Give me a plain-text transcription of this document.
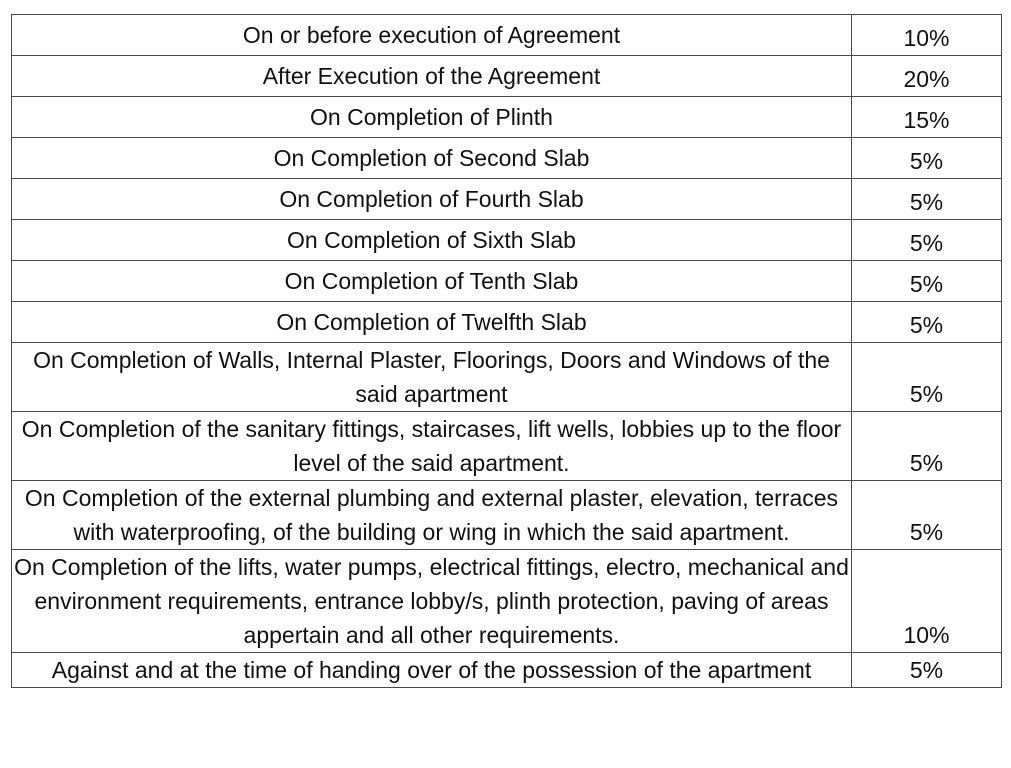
On or before execution of Agreement	10%
After Execution of the Agreement	20%
On Completion of Plinth	15%
On Completion of Second Slab	5%
On Completion of Fourth Slab	5%
On Completion of Sixth Slab	5%
On Completion of Tenth Slab	5%
On Completion of Twelfth Slab	5%
On Completion of Walls, Internal Plaster, Floorings, Doors and Windows of the said apartment	5%
On Completion of the sanitary fittings, staircases, lift wells, lobbies up to the floor level of the said apartment.	5%
On Completion of the external plumbing and external plaster, elevation, terraces with waterproofing, of the building or wing in which the said apartment.	5%
On Completion of the lifts, water pumps, electrical fittings, electro, mechanical and environment requirements, entrance lobby/s, plinth protection, paving of areas appertain and all other requirements.	10%
Against and at the time of handing over of the possession of the apartment	5%
